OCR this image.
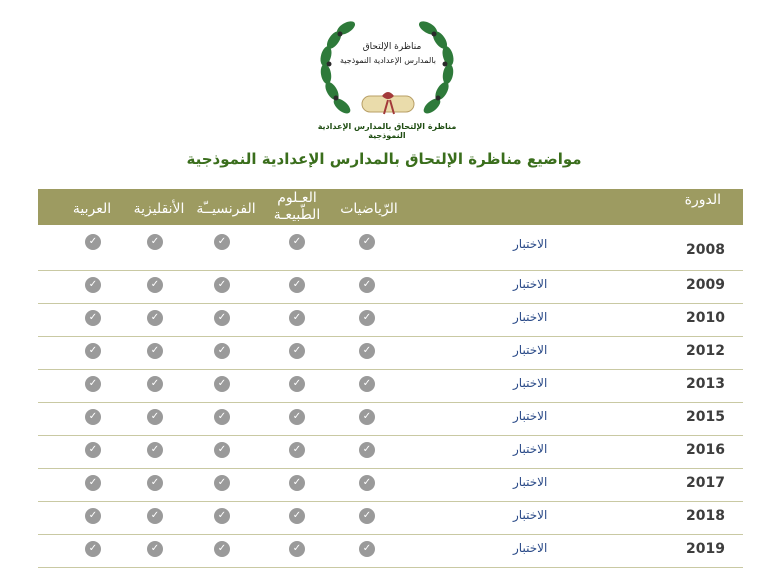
مناظرة الإلتحاق
بالمدارس الإعدادية النموذجية
مناظرة الإلتحاق بالمدارس الإعدادية النموذجية
مواضيع مناظرة الإلتحاق بالمدارس الإعدادية النموذجية
الدورة
الرّياضيات
العـلوم
الطّبيعـة
الفرنسيــّة
الأنقليزية
العربية
2008
الاختبار
✓
✓
✓
✓
✓
2009
الاختبار
✓
✓
✓
✓
✓
2010
الاختبار
✓
✓
✓
✓
✓
2012
الاختبار
✓
✓
✓
✓
✓
2013
الاختبار
✓
✓
✓
✓
✓
2015
الاختبار
✓
✓
✓
✓
✓
2016
الاختبار
✓
✓
✓
✓
✓
2017
الاختبار
✓
✓
✓
✓
✓
2018
الاختبار
✓
✓
✓
✓
✓
2019
الاختبار
✓
✓
✓
✓
✓
